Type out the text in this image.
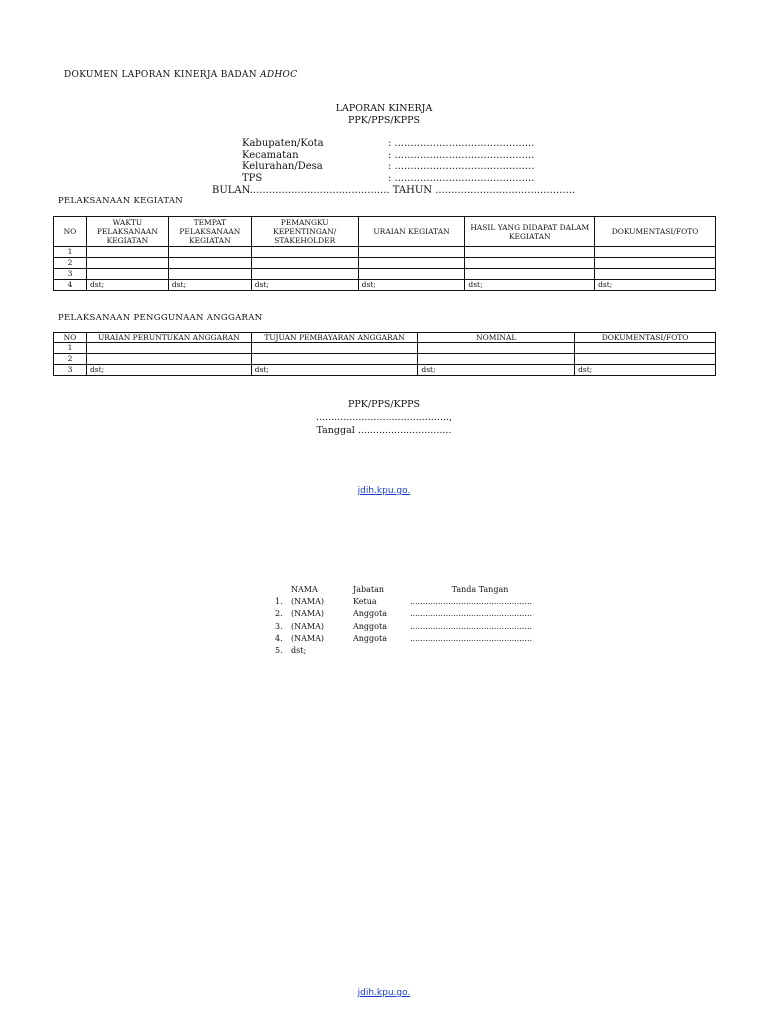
DOKUMEN LAPORAN KINERJA BADAN ADHOC
LAPORAN KINERJA
PPK/PPS/KPPS
Kabupaten/Kota	: ............................................
Kecamatan	: ............................................
Kelurahan/Desa	: ............................................
TPS	: ............................................
BULAN............................................ TAHUN ............................................
PELAKSANAAN KEGIATAN
NO	WAKTU PELAKSANAAN KEGIATAN	TEMPAT PELAKSANAAN KEGIATAN	PEMANGKU KEPENTINGAN/ STAKEHOLDER	URAIAN KEGIATAN	HASIL YANG DIDAPAT DALAM KEGIATAN	DOKUMENTASI/FOTO
1						
2						
3						
4	dst;	dst;	dst;	dst;	dst;	dst;
PELAKSANAAN PENGGUNAAN ANGGARAN
NO	URAIAN PERUNTUKAN ANGGARAN	TUJUAN PEMBAYARAN ANGGARAN	NOMINAL	DOKUMENTASI/FOTO
1				
2				
3	dst;	dst;	dst;	dst;
PPK/PPS/KPPS
............................................,
Tanggal ...............................
jdih.kpu.go.
NAMA	Jabatan	Tanda Tangan
1.	(NAMA)	Ketua	................................................
2.	(NAMA)	Anggota	................................................
3.	(NAMA)	Anggota	................................................
4.	(NAMA)	Anggota	................................................
5.	dst;
jdih.kpu.go.
